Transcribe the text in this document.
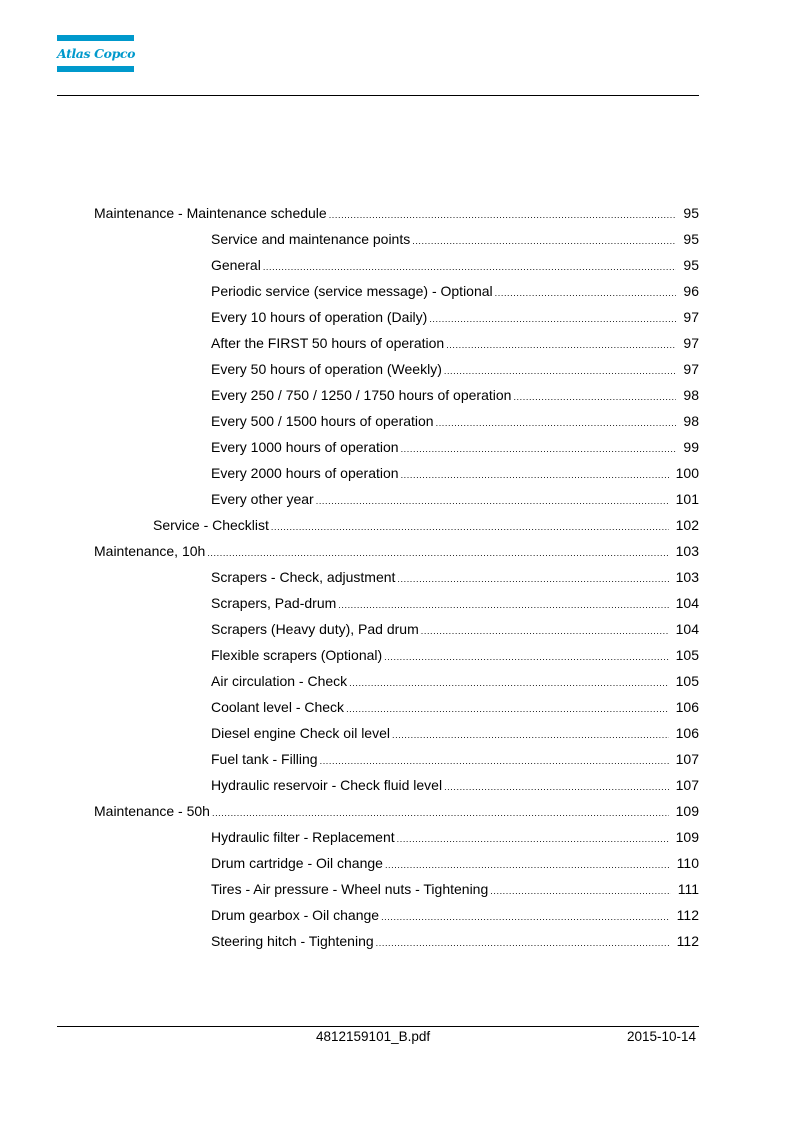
Atlas Copco
Maintenance - Maintenance schedule .....	95
Service and maintenance points .....	95
General .....	95
Periodic service (service message) - Optional .....	96
Every 10 hours of operation (Daily) .....	97
After the FIRST 50 hours of operation .....	97
Every 50 hours of operation (Weekly) .....	97
Every 250 / 750 / 1250 / 1750 hours of operation .....	98
Every 500 / 1500 hours of operation .....	98
Every 1000 hours of operation .....	99
Every 2000 hours of operation .....	100
Every other year .....	101
Service - Checklist .....	102
Maintenance, 10h .....	103
Scrapers - Check, adjustment .....	103
Scrapers, Pad-drum .....	104
Scrapers (Heavy duty), Pad drum .....	104
Flexible scrapers (Optional) .....	105
Air circulation - Check .....	105
Coolant level - Check .....	106
Diesel engine Check oil level .....	106
Fuel tank - Filling .....	107
Hydraulic reservoir - Check fluid level .....	107
Maintenance - 50h .....	109
Hydraulic filter - Replacement .....	109
Drum cartridge - Oil change .....	110
Tires - Air pressure - Wheel nuts - Tightening .....	111
Drum gearbox - Oil change .....	112
Steering hitch - Tightening .....	112
4812159101_B.pdf	2015-10-14
